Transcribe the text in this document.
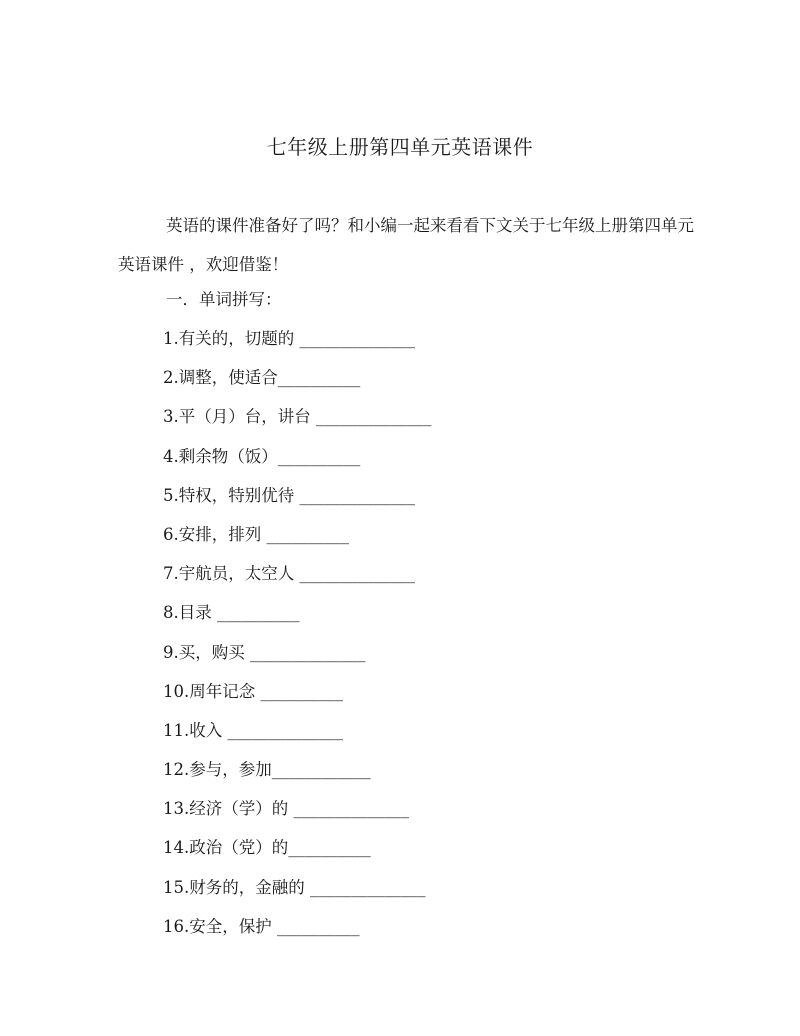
七年级上册第四单元英语课件

英语的课件准备好了吗？和小编一起来看看下文关于七年级上册第四单元英语课件 ，欢迎借鉴！

一．单词拼写：
1.有关的，切题的 ______________
2.调整，使适合__________
3.平（月）台，讲台 ______________
4.剩余物（饭）__________
5.特权，特别优待 ______________
6.安排，排列 __________
7.宇航员，太空人 ______________
8.目录 __________
9.买，购买 ______________
10.周年记念 __________
11.收入 ______________
12.参与，参加____________
13.经济（学）的 ______________
14.政治（党）的__________
15.财务的，金融的 ______________
16.安全，保护 __________
